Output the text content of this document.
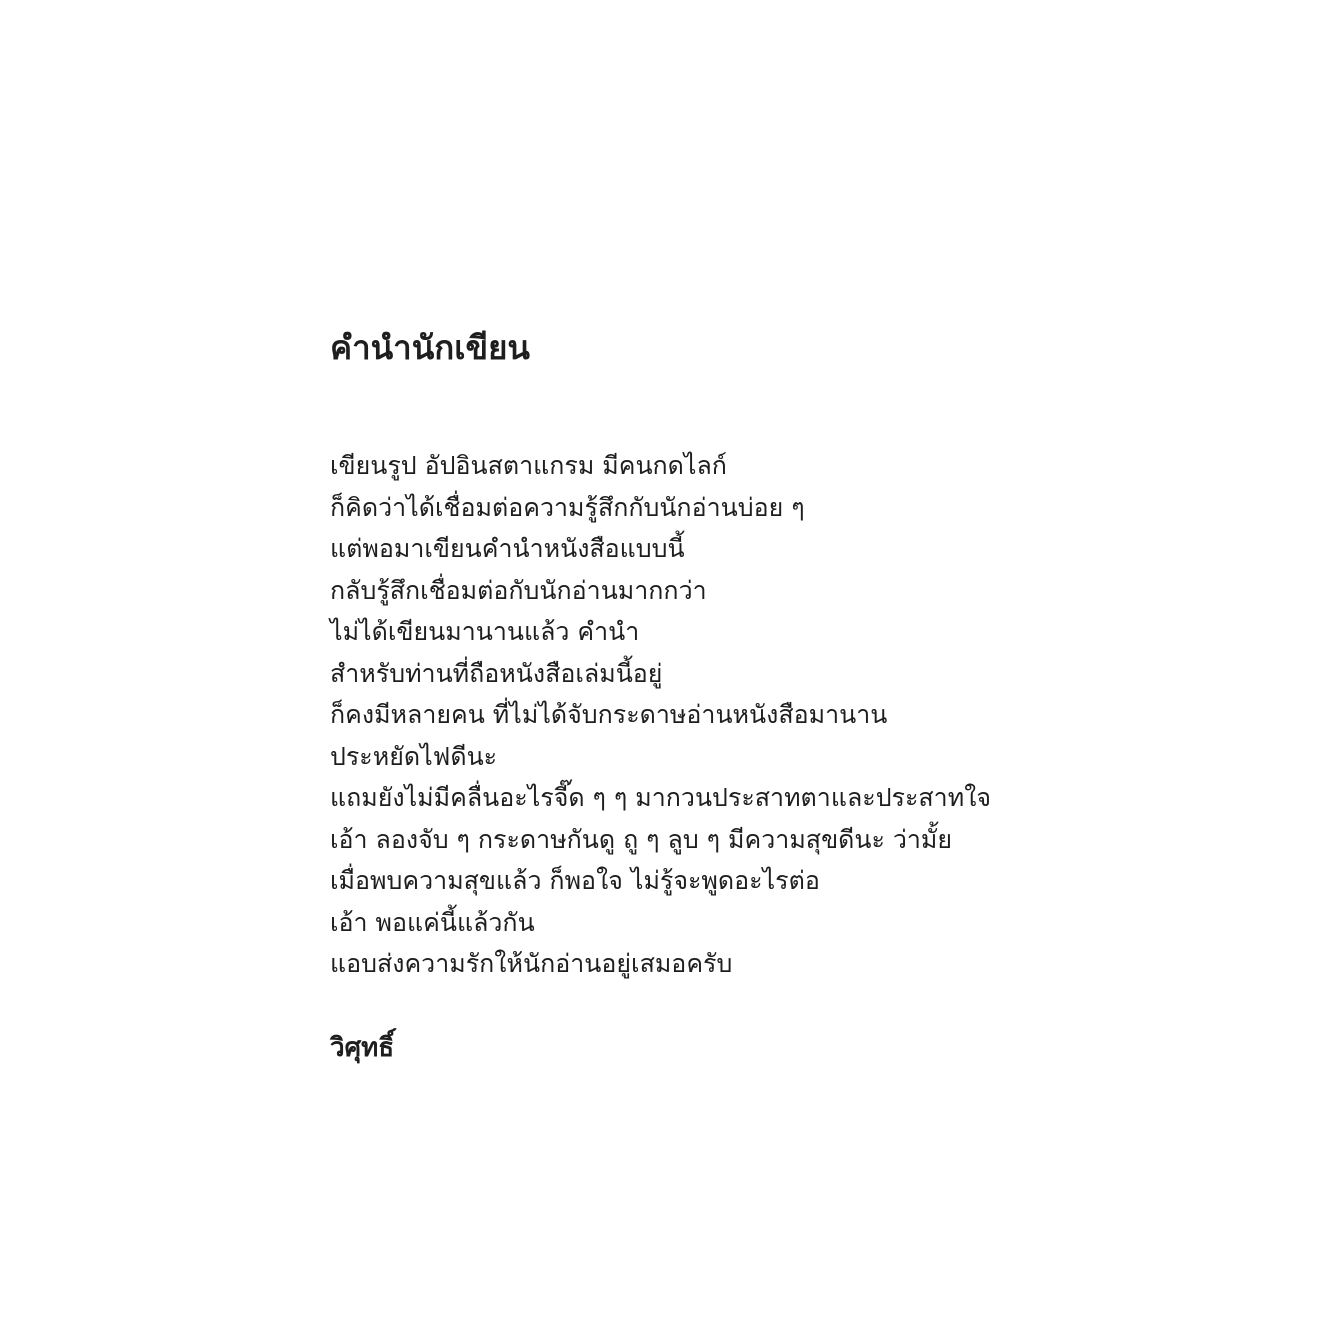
คำนำนักเขียน
เขียนรูป อัปอินสตาแกรม มีคนกดไลก์
ก็คิดว่าได้เชื่อมต่อความรู้สึกกับนักอ่านบ่อย ๆ
แต่พอมาเขียนคำนำหนังสือแบบนี้
กลับรู้สึกเชื่อมต่อกับนักอ่านมากกว่า
ไม่ได้เขียนมานานแล้ว คำนำ
สำหรับท่านที่ถือหนังสือเล่มนี้อยู่
ก็คงมีหลายคน ที่ไม่ได้จับกระดาษอ่านหนังสือมานาน
ประหยัดไฟดีนะ
แถมยังไม่มีคลื่นอะไรจี๊ด ๆ ๆ มากวนประสาทตาและประสาทใจ
เอ้า ลองจับ ๆ กระดาษกันดู ถู ๆ ลูบ ๆ มีความสุขดีนะ ว่ามั้ย
เมื่อพบความสุขแล้ว ก็พอใจ ไม่รู้จะพูดอะไรต่อ
เอ้า พอแค่นี้แล้วกัน
แอบส่งความรักให้นักอ่านอยู่เสมอครับ

วิศุทธิ์
